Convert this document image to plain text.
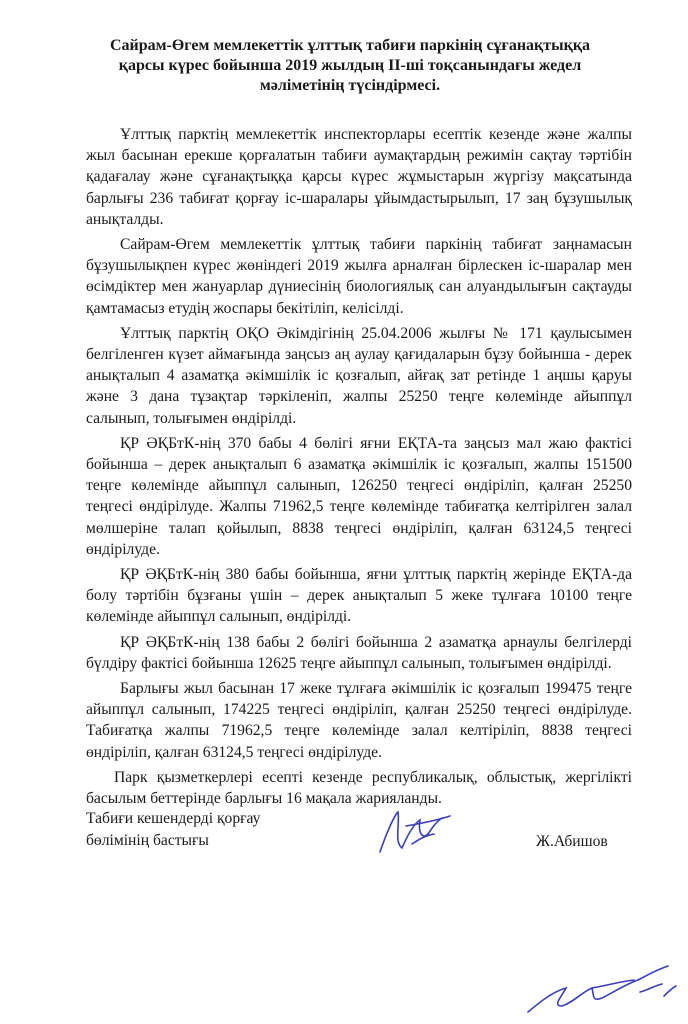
Сайрам-Өгем мемлекеттік ұлттық табиғи паркінің сұғанақтыққа
қарсы күрес бойынша 2019 жылдың ІІ-ші тоқсанындағы жедел
мәліметінің түсіндірмесі.

Ұлттық парктің мемлекеттік инспекторлары есептік кезенде және жалпы жыл басынан ерекше қорғалатын табиғи аумақтардың режимін сақтау тәртібін қадағалау және сұғанақтыққа қарсы күрес жұмыстарын жүргізу мақсатында барлығы 236 табиғат қорғау іс-шаралары ұйымдастырылып, 17 заң бұзушылық анықталды.

Сайрам-Өгем мемлекеттік ұлттық табиғи паркінің табиғат заңнамасын бұзушылықпен күрес жөніндегі 2019 жылға арналған бірлескен іс-шаралар мен өсімдіктер мен жануарлар дүниесінің биологиялық сан алуандылығын сақтауды қамтамасыз етудің жоспары бекітіліп, келісілді.

Ұлттық парктің ОҚО Әкімдігінің 25.04.2006 жылғы № 171 қаулысымен белгіленген күзет аймағында заңсыз аң аулау қағидаларын бұзу бойынша - дерек анықталып 4 азаматқа әкімшілік іс қозғалып, айғақ зат ретінде 1 аңшы қаруы және 3 дана тұзақтар тәркіленіп, жалпы 25250 теңге көлемінде айыппұл салынып, толығымен өндірілді.

ҚР ӘҚБтК-нің 370 бабы 4 бөлігі яғни ЕҚТА-та заңсыз мал жаю фактісі бойынша – дерек анықталып 6 азаматқа әкімшілік іс қозғалып, жалпы 151500 теңге көлемінде айыппұл салынып, 126250 теңгесі өндіріліп, қалған 25250 теңгесі өндірілуде. Жалпы 71962,5 теңге көлемінде табиғатқа келтірілген залал мөлшеріне талап қойылып, 8838 теңгесі өндіріліп, қалған 63124,5 теңгесі өндірілуде.

ҚР ӘҚБтК-нің 380 бабы бойынша, яғни ұлттық парктің жерінде ЕҚТА-да болу тәртібін бұзғаны үшін – дерек анықталып 5 жеке тұлғаға 10100 теңге көлемінде айыппұл салынып, өндірілді.

ҚР ӘҚБтК-нің 138 бабы 2 бөлігі бойынша 2 азаматқа арнаулы белгілерді бүлдіру фактісі бойынша 12625 теңге айыппұл салынып, толығымен өндірілді.

Барлығы жыл басынан 17 жеке тұлғаға әкімшілік іс қозғалып 199475 теңге айыппұл салынып, 174225 теңгесі өндіріліп, қалған 25250 теңгесі өндірілуде. Табиғатқа жалпы 71962,5 теңге көлемінде залал келтіріліп, 8838 теңгесі өндіріліп, қалған 63124,5 теңгесі өндірілуде.

Парк қызметкерлері есепті кезенде республикалық, облыстық, жергілікті басылым беттерінде барлығы 16 мақала жарияланды.

Табиғи кешендерді қорғау
бөлімінің бастығы	Ж.Абишов
